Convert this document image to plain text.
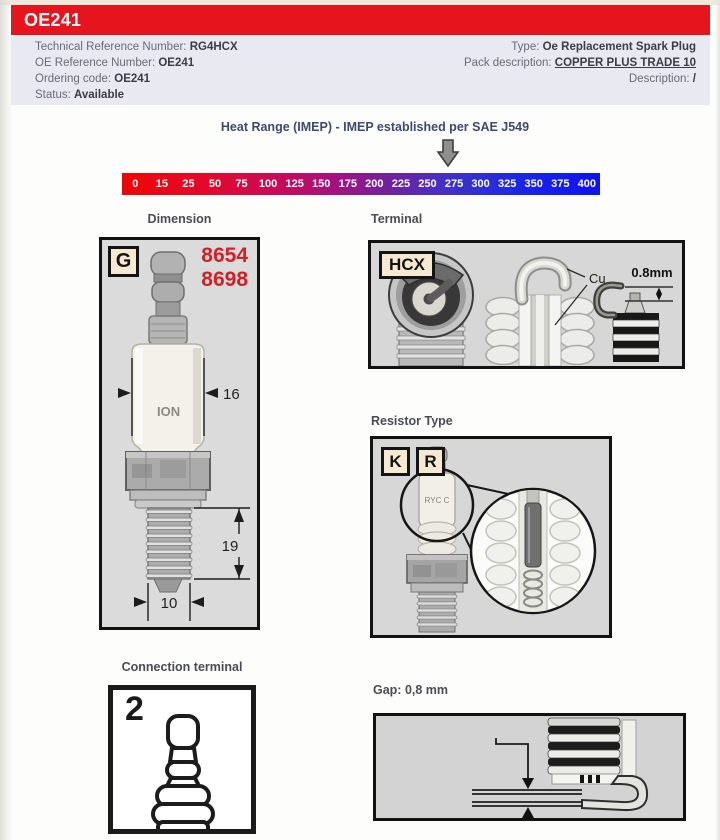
OE241
Technical Reference Number: RG4HCX
OE Reference Number: OE241
Ordering code: OE241
Status: Available
Type: Oe Replacement Spark Plug
Pack description: COPPER PLUS TRADE 10
Description: /
Heat Range (IMEP) - IMEP established per SAE J549
0	15	25	50	75	100 125 150 175 200 225 250 275 300 325 350 375 400
Dimension	Terminal
Resistor Type
Connection terminal
Gap: 0,8 mm
G	8654
8698
ION
16
19
10
HCX
Cu 0.8mm
K	R
RYC C
2
